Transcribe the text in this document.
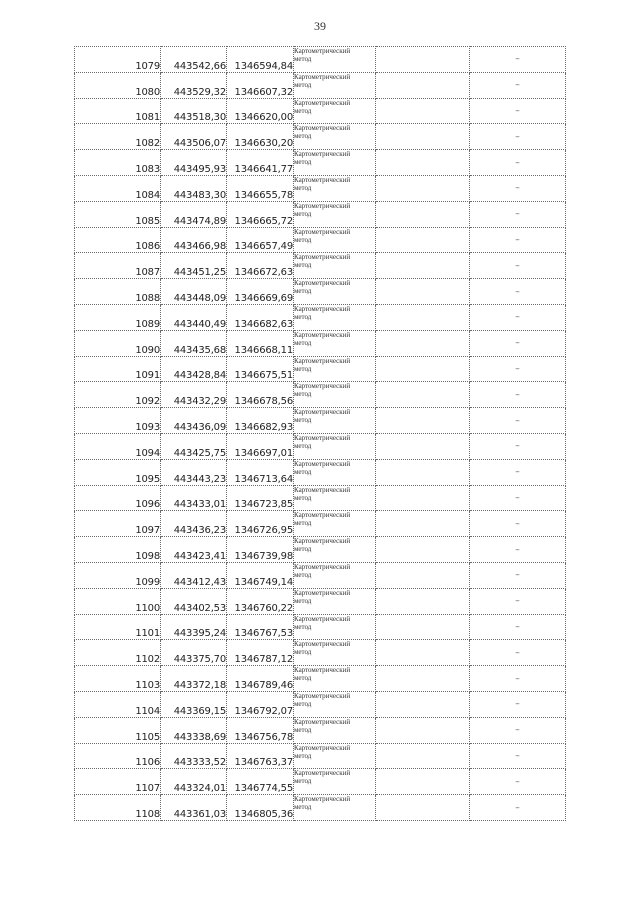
39
1079	443542,66	1346594,84	Картометрический
метод		–
1080	443529,32	1346607,32	Картометрический
метод		–
1081	443518,30	1346620,00	Картометрический
метод		–
1082	443506,07	1346630,20	Картометрический
метод		–
1083	443495,93	1346641,77	Картометрический
метод		–
1084	443483,30	1346655,78	Картометрический
метод		–
1085	443474,89	1346665,72	Картометрический
метод		–
1086	443466,98	1346657,49	Картометрический
метод		–
1087	443451,25	1346672,63	Картометрический
метод		–
1088	443448,09	1346669,69	Картометрический
метод		–
1089	443440,49	1346682,63	Картометрический
метод		–
1090	443435,68	1346668,11	Картометрический
метод		–
1091	443428,84	1346675,51	Картометрический
метод		–
1092	443432,29	1346678,56	Картометрический
метод		–
1093	443436,09	1346682,93	Картометрический
метод		–
1094	443425,75	1346697,01	Картометрический
метод		–
1095	443443,23	1346713,64	Картометрический
метод		–
1096	443433,01	1346723,85	Картометрический
метод		–
1097	443436,23	1346726,95	Картометрический
метод		–
1098	443423,41	1346739,98	Картометрический
метод		–
1099	443412,43	1346749,14	Картометрический
метод		–
1100	443402,53	1346760,22	Картометрический
метод		–
1101	443395,24	1346767,53	Картометрический
метод		–
1102	443375,70	1346787,12	Картометрический
метод		–
1103	443372,18	1346789,46	Картометрический
метод		–
1104	443369,15	1346792,07	Картометрический
метод		–
1105	443338,69	1346756,78	Картометрический
метод		–
1106	443333,52	1346763,37	Картометрический
метод		–
1107	443324,01	1346774,55	Картометрический
метод		–
1108	443361,03	1346805,36	Картометрический
метод		–
